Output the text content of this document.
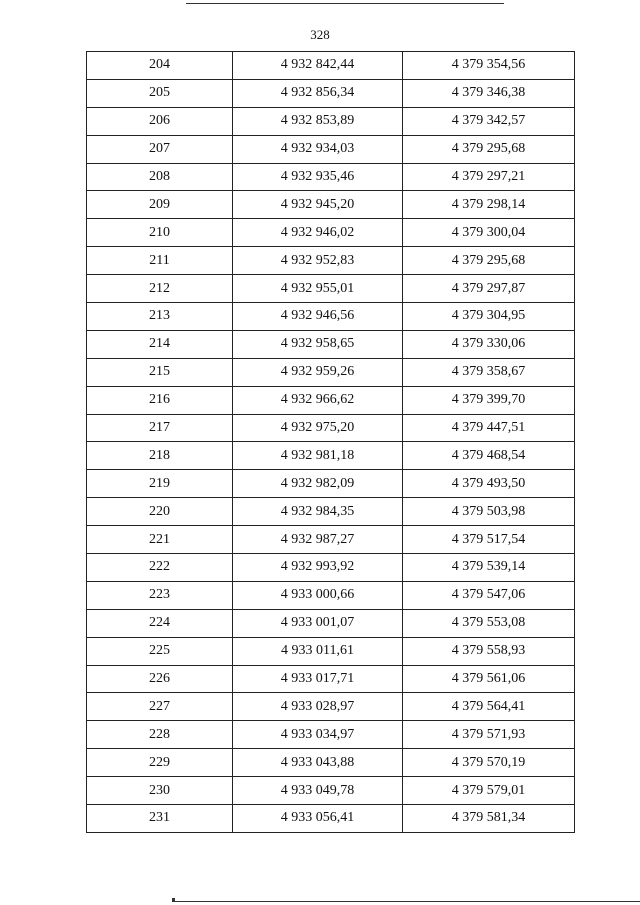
328
204	4 932 842,44	4 379 354,56
205	4 932 856,34	4 379 346,38
206	4 932 853,89	4 379 342,57
207	4 932 934,03	4 379 295,68
208	4 932 935,46	4 379 297,21
209	4 932 945,20	4 379 298,14
210	4 932 946,02	4 379 300,04
211	4 932 952,83	4 379 295,68
212	4 932 955,01	4 379 297,87
213	4 932 946,56	4 379 304,95
214	4 932 958,65	4 379 330,06
215	4 932 959,26	4 379 358,67
216	4 932 966,62	4 379 399,70
217	4 932 975,20	4 379 447,51
218	4 932 981,18	4 379 468,54
219	4 932 982,09	4 379 493,50
220	4 932 984,35	4 379 503,98
221	4 932 987,27	4 379 517,54
222	4 932 993,92	4 379 539,14
223	4 933 000,66	4 379 547,06
224	4 933 001,07	4 379 553,08
225	4 933 011,61	4 379 558,93
226	4 933 017,71	4 379 561,06
227	4 933 028,97	4 379 564,41
228	4 933 034,97	4 379 571,93
229	4 933 043,88	4 379 570,19
230	4 933 049,78	4 379 579,01
231	4 933 056,41	4 379 581,34
